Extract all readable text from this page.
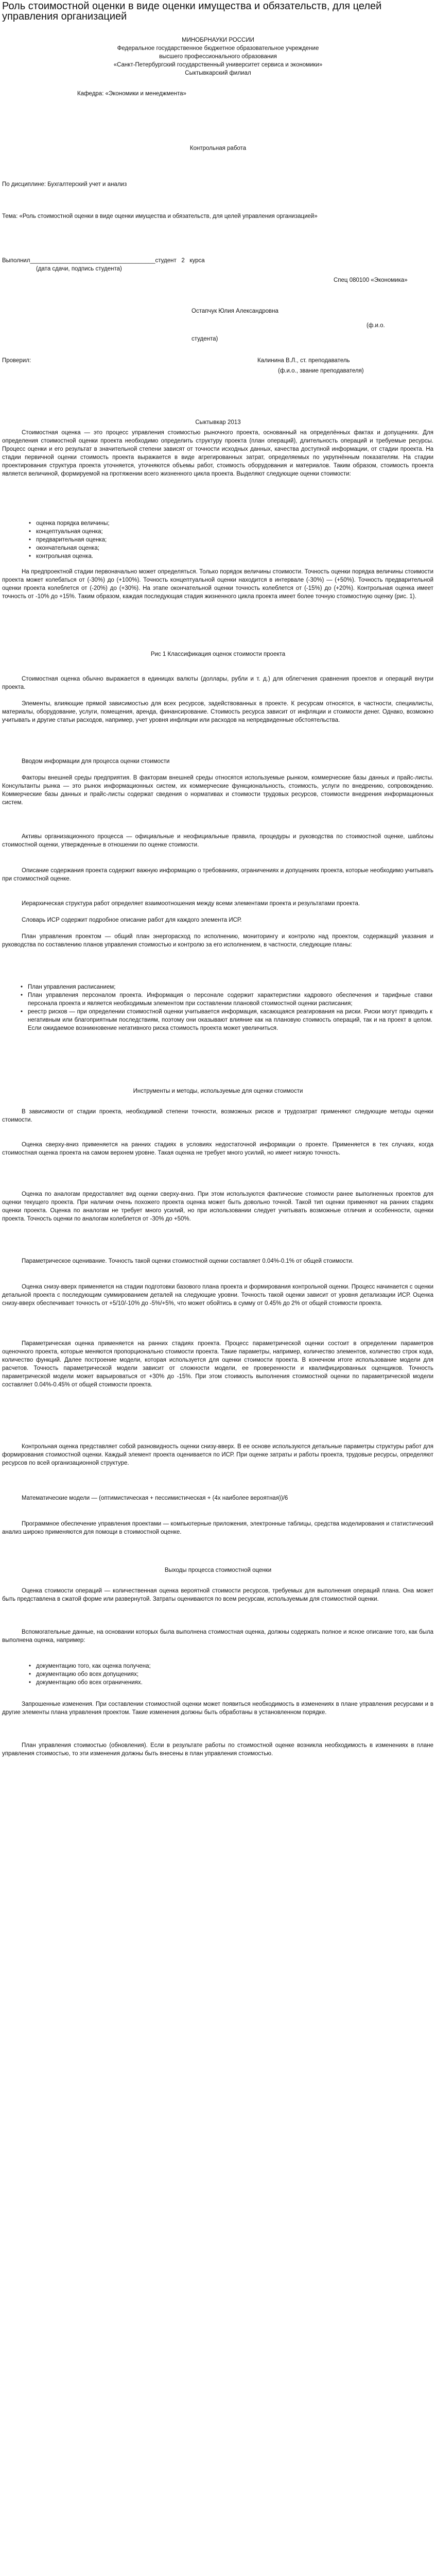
Роль стоимостной оценки в виде оценки имущества и обязательств, для целей управления организацией
МИНОБРНАУКИ РОССИИ
Федеральное государственное бюджетное образовательное учреждение
высшего профессионального образования
«Санкт-Петербургский государственный университет сервиса и экономики»
Сыктывкарский филиал
Кафедра: «Экономики и менеджмента»
Контрольная работа
По дисциплине: Бухгалтерский учет и анализ

Тема: «Роль стоимостной оценки в виде оценки имущества и обязательств, для целей управления организацией»

Выполнил______________________________________студент   2   курса
(дата сдачи, подпись студента)
Спец 080100 «Экономика»
Остапчук Юлия Александровна
(ф.и.о.
студента)
Проверил:	Калинина В.Л., ст. преподаватель
(ф.и.о., звание преподавателя)
Сыктывкар 2013

Стоимостная оценка — это процесс управления стоимостью рыночного проекта, основанный на определённых фактах и допущениях. Для определения стоимостной оценки проекта необходимо определить структуру проекта (план операций), длительность операций и требуемые ресурсы. Процесс оценки и его результат в значительной степени зависят от точности исходных данных, качества доступной информации, от стадии проекта. На стадии первичной оценки стоимость проекта выражается в виде агрегированных затрат, определяемых по укрупнённым показателям. На стадии проектирования структура проекта уточняется, уточняются объемы работ, стоимость оборудования и материалов. Таким образом, стоимость проекта является величиной, формируемой на протяжении всего жизненного цикла проекта. Выделяют следующие оценки стоимости:

• оценка порядка величины;
• концептуальная оценка;
• предварительная оценка;
• окончательная оценка;
• контрольная оценка.

На предпроектной стадии первоначально может определяться. Только порядок величины стоимости. Точность оценки порядка величины стоимости проекта может колебаться от (-30%) до (+100%). Точность концептуальной оценки находится в интервале (-30%) — (+50%). Точность предварительной оценки проекта колеблется от (-20%) до (+30%). На этапе окончательной оценки точность колеблется от (-15%) до (+20%). Контрольная оценка имеет точность от -10% до +15%. Таким образом, каждая последующая стадия жизненного цикла проекта имеет более точную стоимостную оценку (рис. 1).

Рис 1 Классификация оценок стоимости проекта

Стоимостная оценка обычно выражается в единицах валюты (доллары, рубли и т. д.) для облегчения сравнения проектов и операций внутри проекта.

Элементы, влияющие прямой зависимостью для всех ресурсов, задействованных в проекте. К ресурсам относятся, в частности, специалисты, материалы, оборудование, услуги, помещения, аренда, финансирование. Стоимость ресурса зависит от инфляции и стоимости денег. Однако, возможно учитывать и другие статьи расходов, например, учет уровня инфляции или расходов на непредвиденные обстоятельства.

Вводом информации для процесса оценки стоимости

Факторы внешней среды предприятия. В факторам внешней среды относятся используемые рынком, коммерческие базы данных и прайс-листы. Консультанты рынка — это рынок информационных систем, их коммерческие функциональность, стоимость, услуги по внедрению, сопровождению. Коммерческие базы данных и прайс-листы содержат сведения о нормативах и стоимости трудовых ресурсов, стоимости внедрения информационных систем.

Активы организационного процесса — официальные и неофициальные правила, процедуры и руководства по стоимостной оценке, шаблоны стоимостной оценки, утвержденные в отношении по оценке стоимости.

Описание содержания проекта содержит важную информацию о требованиях, ограничениях и допущениях проекта, которые необходимо учитывать при стоимостной оценке.

Иерархическая структура работ определяет взаимоотношения между всеми элементами проекта и результатами проекта.

Словарь ИСР содержит подробное описание работ для каждого элемента ИСР.

План управления проектом — общий план энергорасход по исполнению, мониторингу и контролю над проектом, содержащий указания и руководства по составлению планов управления стоимостью и контролю за его исполнением, в частности, следующие планы:

• План управления расписанием;
• План управления персоналом проекта. Информация о персонале содержит характеристики кадрового обеспечения и тарифные ставки персонала проекта и является необходимым элементом при составлении плановой стоимостной оценки расписания;
• реестр рисков — при определении стоимостной оценки учитывается информация, касающаяся реагирования на риски. Риски могут приводить к негативным или благоприятным последствиям, поэтому они оказывают влияние как на плановую стоимость операций, так и на проект в целом. Если ожидаемое возникновение негативного риска стоимость проекта может увеличиться.
Инструменты и методы, используемые для оценки стоимости

В зависимости от стадии проекта, необходимой степени точности, возможных рисков и трудозатрат применяют следующие методы оценки стоимости.

Оценка сверху-вниз применяется на ранних стадиях в условиях недостаточной информации о проекте. Применяется в тех случаях, когда стоимостная оценка проекта на самом верхнем уровне. Такая оценка не требует много усилий, но имеет низкую точность.

Оценка по аналогам предоставляет вид оценки сверху-вниз. При этом используются фактические стоимости ранее выполненных проектов для оценки текущего проекта. При наличии очень похожего проекта оценка может быть довольно точной. Такой тип оценки применяют на ранних стадиях оценки проекта. Оценка по аналогам не требует много усилий, но при использовании следует учитывать возможные отличия и особенности, оценки проекта. Точность оценки по аналогам колеблется от -30% до +50%.

Параметрическое оценивание. Точность такой оценки стоимостной оценки составляет 0.04%-0.1% от общей стоимости.

Оценка снизу-вверх применяется на стадии подготовки базового плана проекта и формирования контрольной оценки. Процесс начинается с оценки детальной проекта с последующим суммированием деталей на следующие уровни. Точность такой оценки зависит от уровня детализации ИСР. Оценка снизу-вверх обеспечивает точность от +5/10/-10% до -5%/+5%, что может обойтись в сумму от 0.45% до 2% от общей стоимости проекта.

Параметрическая оценка применяется на ранних стадиях проекта. Процесс параметрической оценки состоит в определении параметров оценочного проекта, которые меняются пропорционально стоимости проекта. Такие параметры, например, количество элементов, количество строк кода, количество функций. Далее построение модели, которая используется для оценки стоимости проекта. В конечном итоге использование модели для расчетов. Точность параметрической модели зависит от сложности модели, ее проверенности и квалифицированных оценщиков. Точность параметрической модели может варьироваться от +30% до -15%. При этом стоимость выполнения стоимостной оценки по параметрической модели составляет 0.04%-0.45% от общей стоимости проекта.

Контрольная оценка представляет собой разновидность оценки снизу-вверх. В ее основе используются детальные параметры структуры работ для формирования стоимостной оценки. Каждый элемент проекта оценивается по ИСР. При оценке затраты и работы проекта, трудовые ресурсы, определяют ресурсов по всей организационной структуре.

Математические модели — (оптимистическая + пессимистическая + (4x наиболее вероятная))/6

Программное обеспечение управления проектами — компьютерные приложения, электронные таблицы, средства моделирования и статистический анализ широко применяются для помощи в стоимостной оценке.

Выходы процесса стоимостной оценки

Оценка стоимости операций — количественная оценка вероятной стоимости ресурсов, требуемых для выполнения операций плана. Она может быть представлена в сжатой форме или развернутой. Затраты оцениваются по всем ресурсам, используемым для стоимостной оценки.

Вспомогательные данные, на основании которых была выполнена стоимостная оценка, должны содержать полное и ясное описание того, как была выполнена оценка, например:

• документацию того, как оценка получена;
• документацию обо всех допущениях;
• документацию обо всех ограничениях.

Запрошенные изменения. При составлении стоимостной оценки может появиться необходимость в изменениях в плане управления ресурсами и в другие элементы плана управления проектом. Такие изменения должны быть обработаны в установленном порядке.

План управления стоимостью (обновления). Если в результате работы по стоимостной оценке возникла необходимость в изменениях в плане управления стоимостью, то эти изменения должны быть внесены в план управления стоимостью.
